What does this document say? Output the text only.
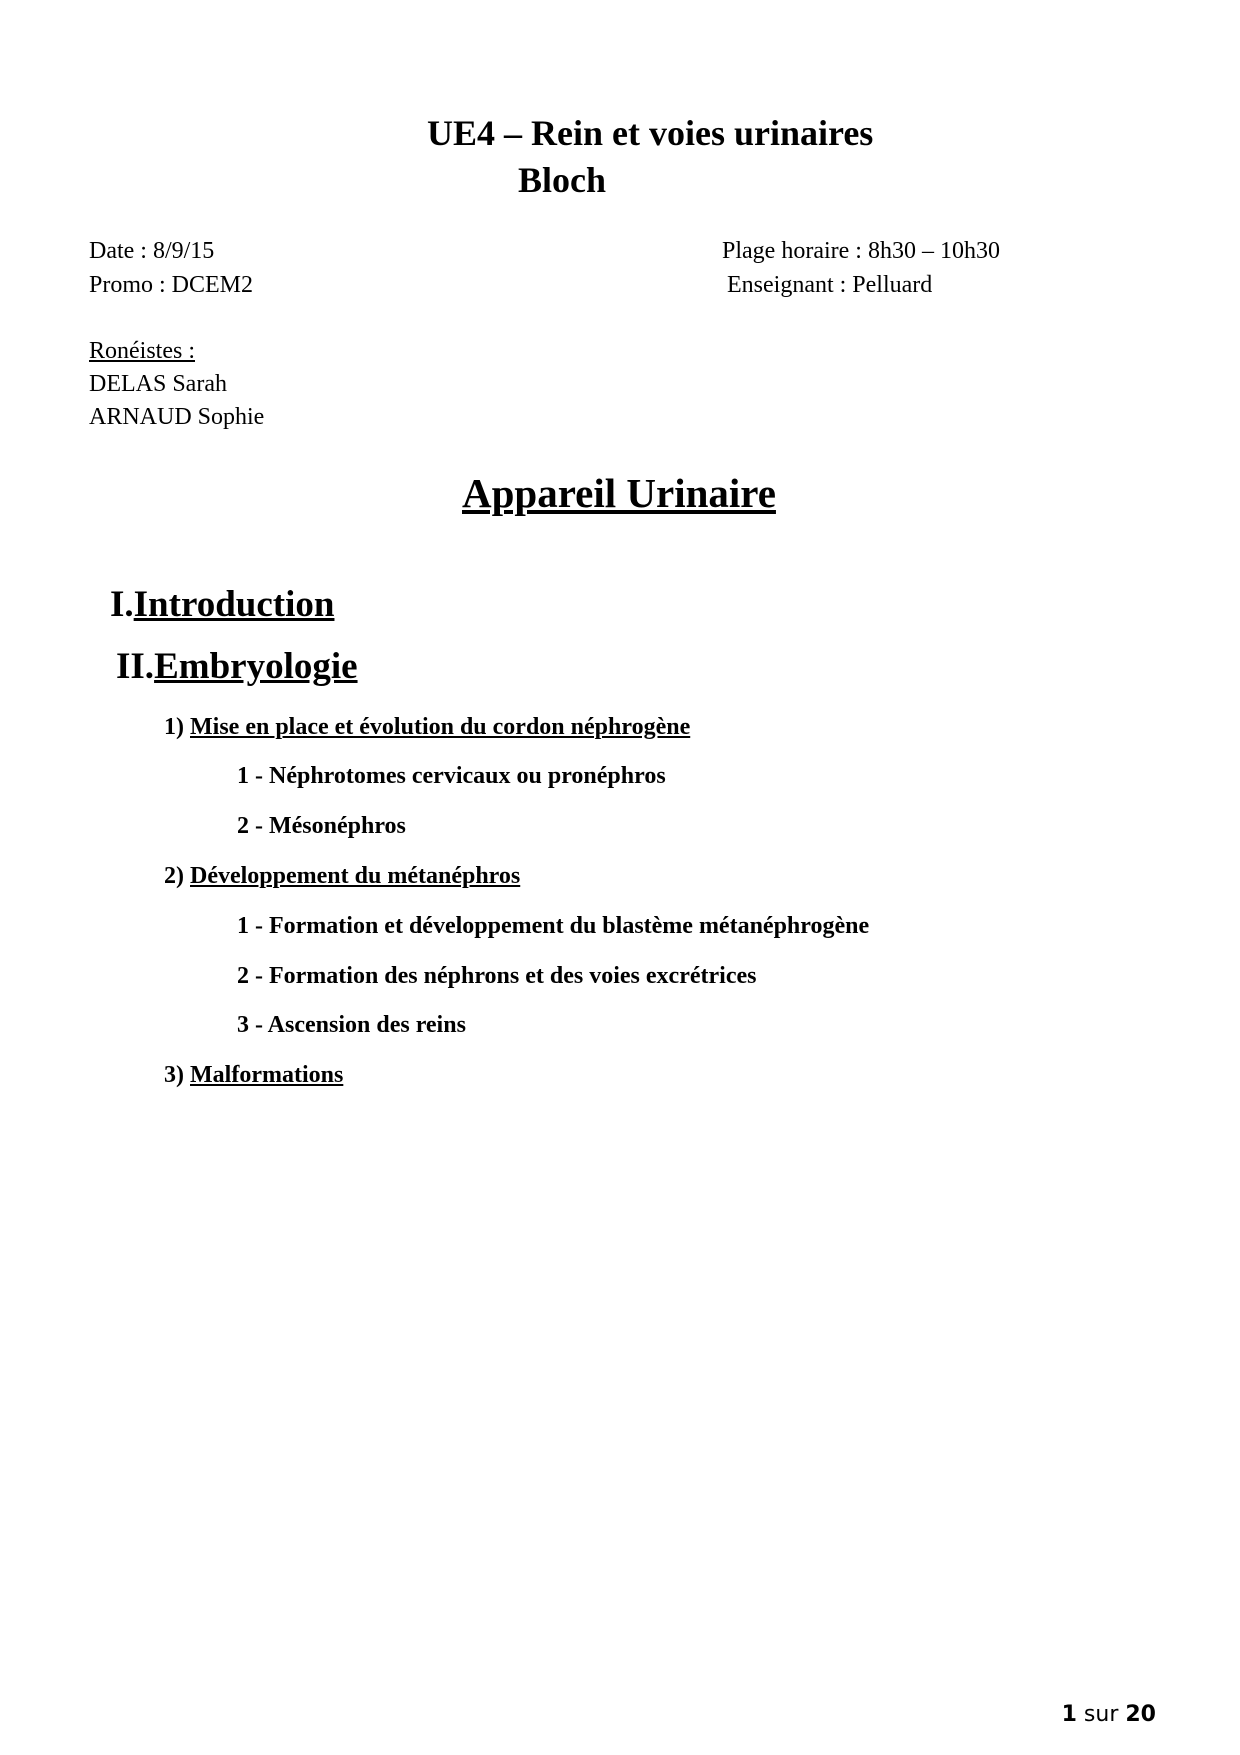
UE4 – Rein et voies urinaires
Bloch
Date : 8/9/15
Promo : DCEM2
Plage horaire : 8h30 – 10h30
Enseignant : Pelluard
Ronéistes :
DELAS Sarah
ARNAUD Sophie
Appareil Urinaire
I.Introduction
II.Embryologie
1) Mise en place et évolution du cordon néphrogène
1 - Néphrotomes cervicaux ou pronéphros
2 - Mésonéphros
2) Développement du métanéphros
1 - Formation et développement du blastème métanéphrogène
2 - Formation des néphrons et des voies excrétrices
3 - Ascension des reins
3) Malformations
1 sur 20
